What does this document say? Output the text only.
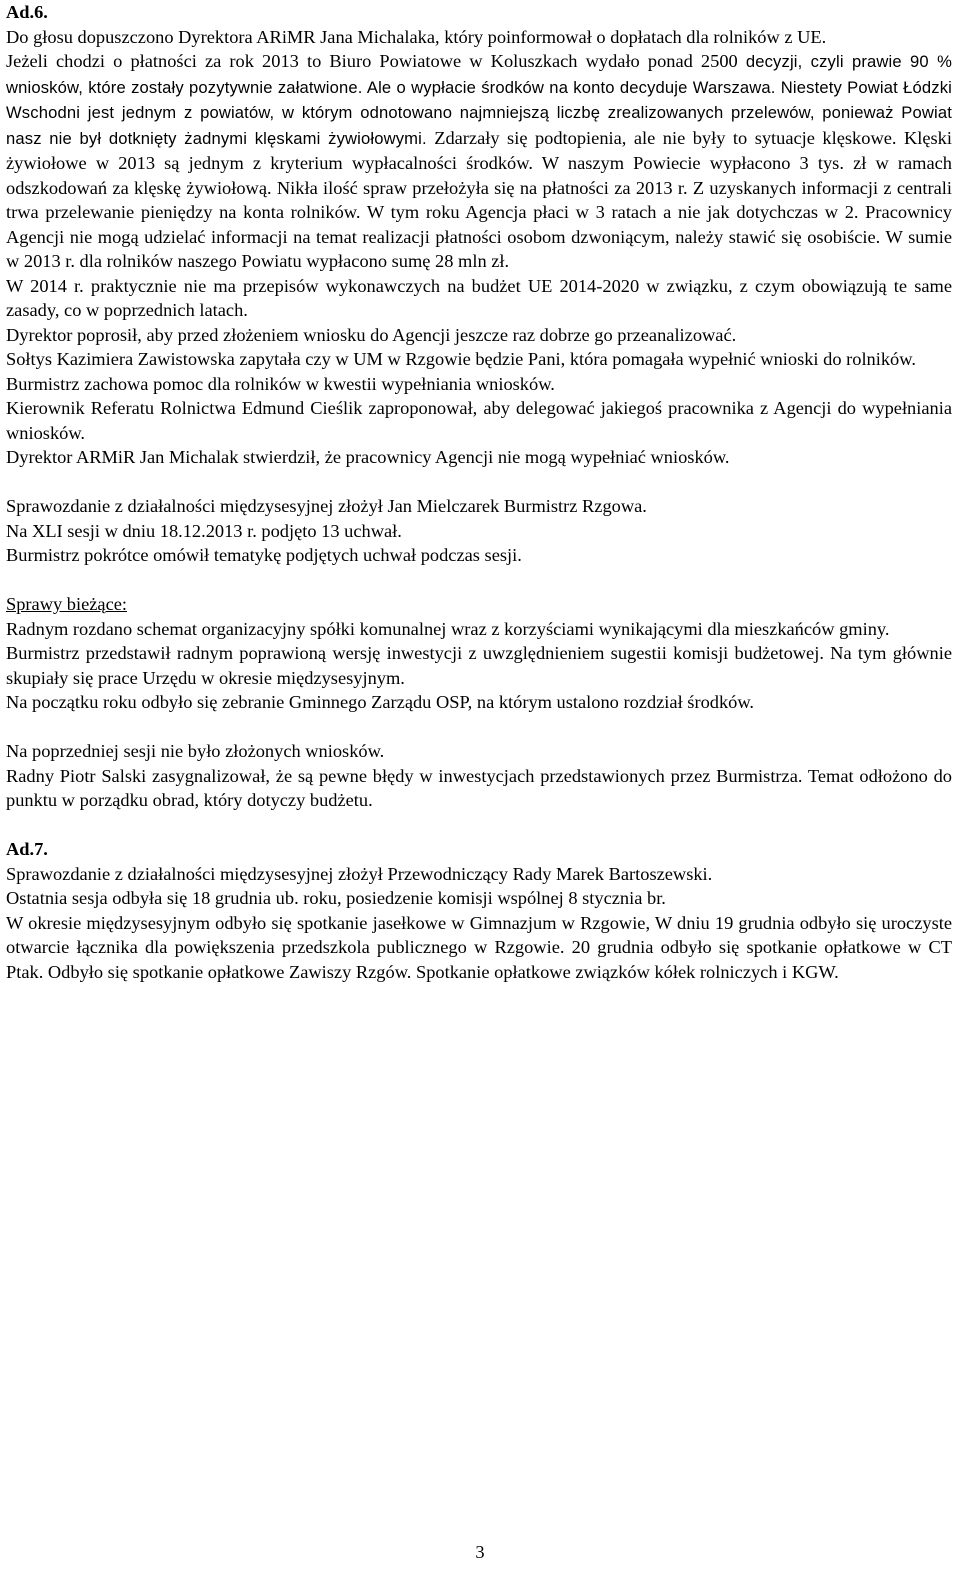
Ad.6.

Do głosu dopuszczono Dyrektora ARiMR Jana Michalaka, który poinformował o dopłatach dla rolników z UE.

Jeżeli chodzi o płatności za rok 2013 to Biuro Powiatowe w Koluszkach wydało ponad 2500 decyzji, czyli prawie 90 % wniosków, które zostały pozytywnie załatwione. Ale o wypłacie środków na konto decyduje Warszawa. Niestety Powiat Łódzki Wschodni jest jednym z powiatów, w którym odnotowano najmniejszą liczbę zrealizowanych przelewów, ponieważ Powiat nasz nie był dotknięty żadnymi klęskami żywiołowymi. Zdarzały się podtopienia, ale nie były to sytuacje klęskowe. Klęski żywiołowe w 2013 są jednym z kryterium wypłacalności środków. W naszym Powiecie wypłacono 3 tys. zł w ramach odszkodowań za klęskę żywiołową. Nikła ilość spraw przełożyła się na płatności za 2013 r. Z uzyskanych informacji z centrali trwa przelewanie pieniędzy na konta rolników. W tym roku Agencja płaci w 3 ratach a nie jak dotychczas w 2. Pracownicy Agencji nie mogą udzielać informacji na temat realizacji płatności osobom dzwoniącym, należy stawić się osobiście. W sumie w 2013 r. dla rolników naszego Powiatu wypłacono sumę 28 mln zł.

W 2014 r. praktycznie nie ma przepisów wykonawczych na budżet UE 2014-2020 w związku, z czym obowiązują te same zasady, co w poprzednich latach.

Dyrektor poprosił, aby przed złożeniem wniosku do Agencji jeszcze raz dobrze go przeanalizować.

Sołtys Kazimiera Zawistowska zapytała czy w UM w Rzgowie będzie Pani, która pomagała wypełnić wnioski do rolników.

Burmistrz zachowa pomoc dla rolników w kwestii wypełniania wniosków.

Kierownik Referatu Rolnictwa Edmund Cieślik zaproponował, aby delegować jakiegoś pracownika z Agencji do wypełniania wniosków.

Dyrektor ARMiR Jan Michalak stwierdził, że pracownicy Agencji nie mogą wypełniać wniosków.

Sprawozdanie z działalności międzysesyjnej złożył Jan Mielczarek Burmistrz Rzgowa.

Na XLI sesji w dniu 18.12.2013 r. podjęto 13 uchwał.

Burmistrz pokrótce omówił tematykę podjętych uchwał podczas sesji.

Sprawy bieżące:

Radnym rozdano schemat organizacyjny spółki komunalnej wraz z korzyściami wynikającymi dla mieszkańców gminy.

Burmistrz przedstawił radnym poprawioną wersję inwestycji z uwzględnieniem sugestii komisji budżetowej. Na tym głównie skupiały się prace Urzędu w okresie międzysesyjnym.

Na początku roku odbyło się zebranie Gminnego Zarządu OSP, na którym ustalono rozdział środków.

Na poprzedniej sesji nie było złożonych wniosków.

Radny Piotr Salski zasygnalizował, że są pewne błędy w inwestycjach przedstawionych przez Burmistrza. Temat odłożono do punktu w porządku obrad, który dotyczy budżetu.

Ad.7.

Sprawozdanie z działalności międzysesyjnej złożył Przewodniczący Rady Marek Bartoszewski.

Ostatnia sesja odbyła się 18 grudnia ub. roku, posiedzenie komisji wspólnej 8 stycznia br.

W okresie międzysesyjnym odbyło się spotkanie jasełkowe w Gimnazjum w Rzgowie, W dniu 19 grudnia odbyło się uroczyste otwarcie łącznika dla powiększenia przedszkola publicznego w Rzgowie. 20 grudnia odbyło się spotkanie opłatkowe w CT Ptak. Odbyło się spotkanie opłatkowe Zawiszy Rzgów. Spotkanie opłatkowe związków kółek rolniczych i KGW.

3
